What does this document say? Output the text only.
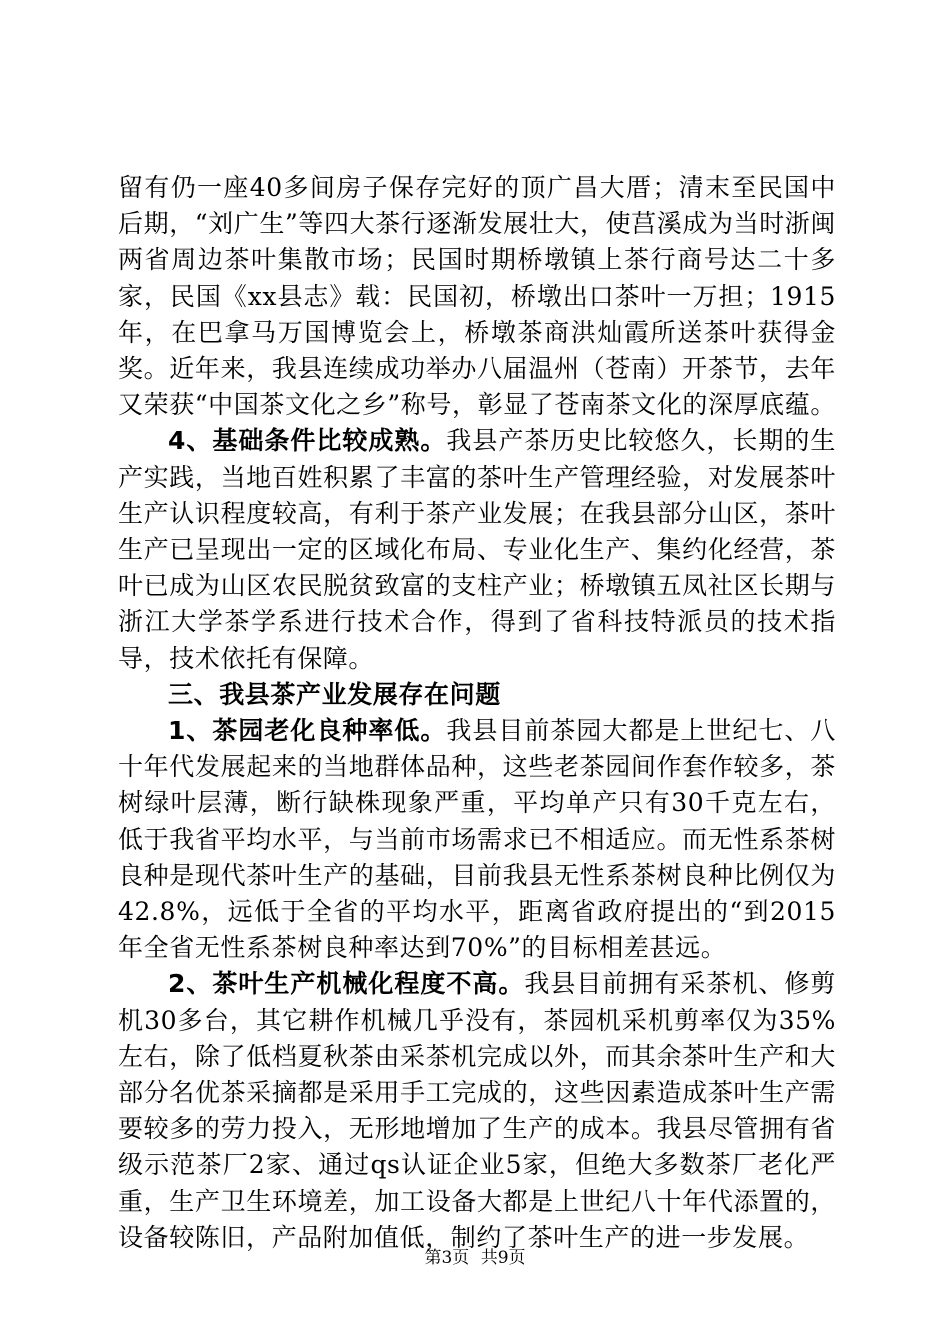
留有仍一座40多间房子保存完好的顶广昌大厝；清末至民国中后期，“刘广生”等四大茶行逐渐发展壮大，使莒溪成为当时浙闽两省周边茶叶集散市场；民国时期桥墩镇上茶行商号达二十多家，民国《xx县志》载：民国初，桥墩出口茶叶一万担；1915年，在巴拿马万国博览会上，桥墩茶商洪灿霞所送茶叶获得金奖。近年来，我县连续成功举办八届温州（苍南）开茶节，去年又荣获“中国茶文化之乡”称号，彰显了苍南茶文化的深厚底蕴。

4、基础条件比较成熟。我县产茶历史比较悠久，长期的生产实践，当地百姓积累了丰富的茶叶生产管理经验，对发展茶叶生产认识程度较高，有利于茶产业发展；在我县部分山区，茶叶生产已呈现出一定的区域化布局、专业化生产、集约化经营，茶叶已成为山区农民脱贫致富的支柱产业；桥墩镇五凤社区长期与浙江大学茶学系进行技术合作，得到了省科技特派员的技术指导，技术依托有保障。

三、我县茶产业发展存在问题

1、茶园老化良种率低。我县目前茶园大都是上世纪七、八十年代发展起来的当地群体品种，这些老茶园间作套作较多，茶树绿叶层薄，断行缺株现象严重，平均单产只有30千克左右，低于我省平均水平，与当前市场需求已不相适应。而无性系茶树良种是现代茶叶生产的基础，目前我县无性系茶树良种比例仅为42.8%，远低于全省的平均水平，距离省政府提出的“到2015年全省无性系茶树良种率达到70%”的目标相差甚远。

2、茶叶生产机械化程度不高。我县目前拥有采茶机、修剪机30多台，其它耕作机械几乎没有，茶园机采机剪率仅为35%左右，除了低档夏秋茶由采茶机完成以外，而其余茶叶生产和大部分名优茶采摘都是采用手工完成的，这些因素造成茶叶生产需要较多的劳力投入，无形地增加了生产的成本。我县尽管拥有省级示范茶厂2家、通过qs认证企业5家，但绝大多数茶厂老化严重，生产卫生环境差，加工设备大都是上世纪八十年代添置的，设备较陈旧，产品附加值低，制约了茶叶生产的进一步发展。

第3页 共9页
